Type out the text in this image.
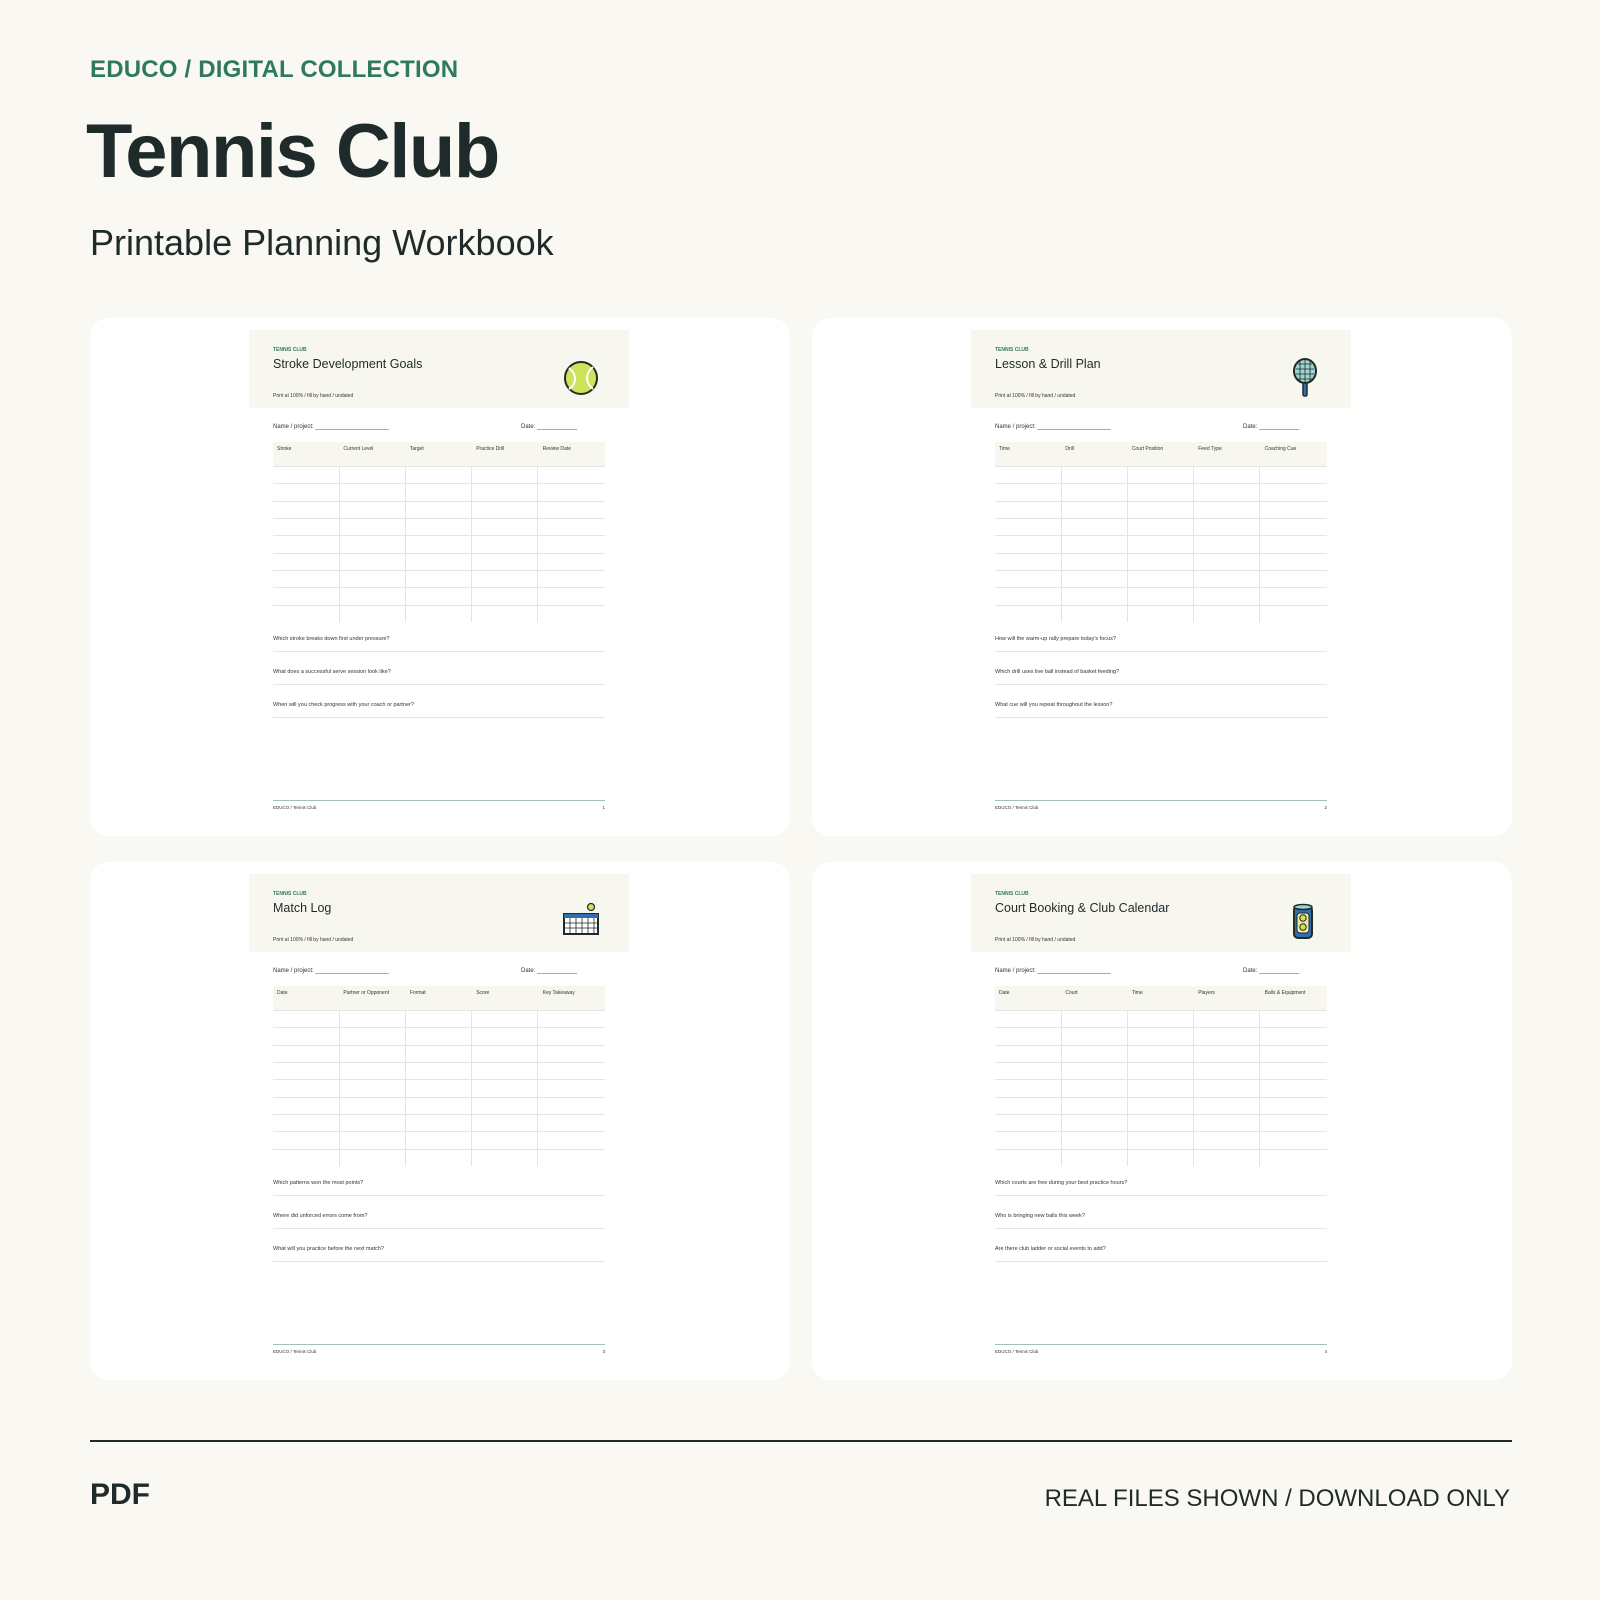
EDUCO / DIGITAL COLLECTION
Tennis Club
Printable Planning Workbook
TENNIS CLUB
Stroke Development Goals
Print at 100% / fill by hand / undated
Name / project: ______________________	Date: ____________
Stroke	Current Level	Target	Practice Drill	Review Date
Which stroke breaks down first under pressure?
What does a successful serve session look like?
When will you check progress with your coach or partner?
EDUCO / Tennis Club	1
TENNIS CLUB
Lesson & Drill Plan
Print at 100% / fill by hand / undated
Name / project: ______________________	Date: ____________
Time	Drill	Court Position	Feed Type	Coaching Cue
How will the warm-up rally prepare today's focus?
Which drill uses live ball instead of basket feeding?
What cue will you repeat throughout the lesson?
EDUCO / Tennis Club	2
TENNIS CLUB
Match Log
Print at 100% / fill by hand / undated
Name / project: ______________________	Date: ____________
Date	Partner or Opponent	Format	Score	Key Takeaway
Which patterns won the most points?
Where did unforced errors come from?
What will you practice before the next match?
EDUCO / Tennis Club	3
TENNIS CLUB
Court Booking & Club Calendar
Print at 100% / fill by hand / undated
Name / project: ______________________	Date: ____________
Date	Court	Time	Players	Balls & Equipment
Which courts are free during your best practice hours?
Who is bringing new balls this week?
Are there club ladder or social events to add?
EDUCO / Tennis Club	4
PDF	REAL FILES SHOWN / DOWNLOAD ONLY
